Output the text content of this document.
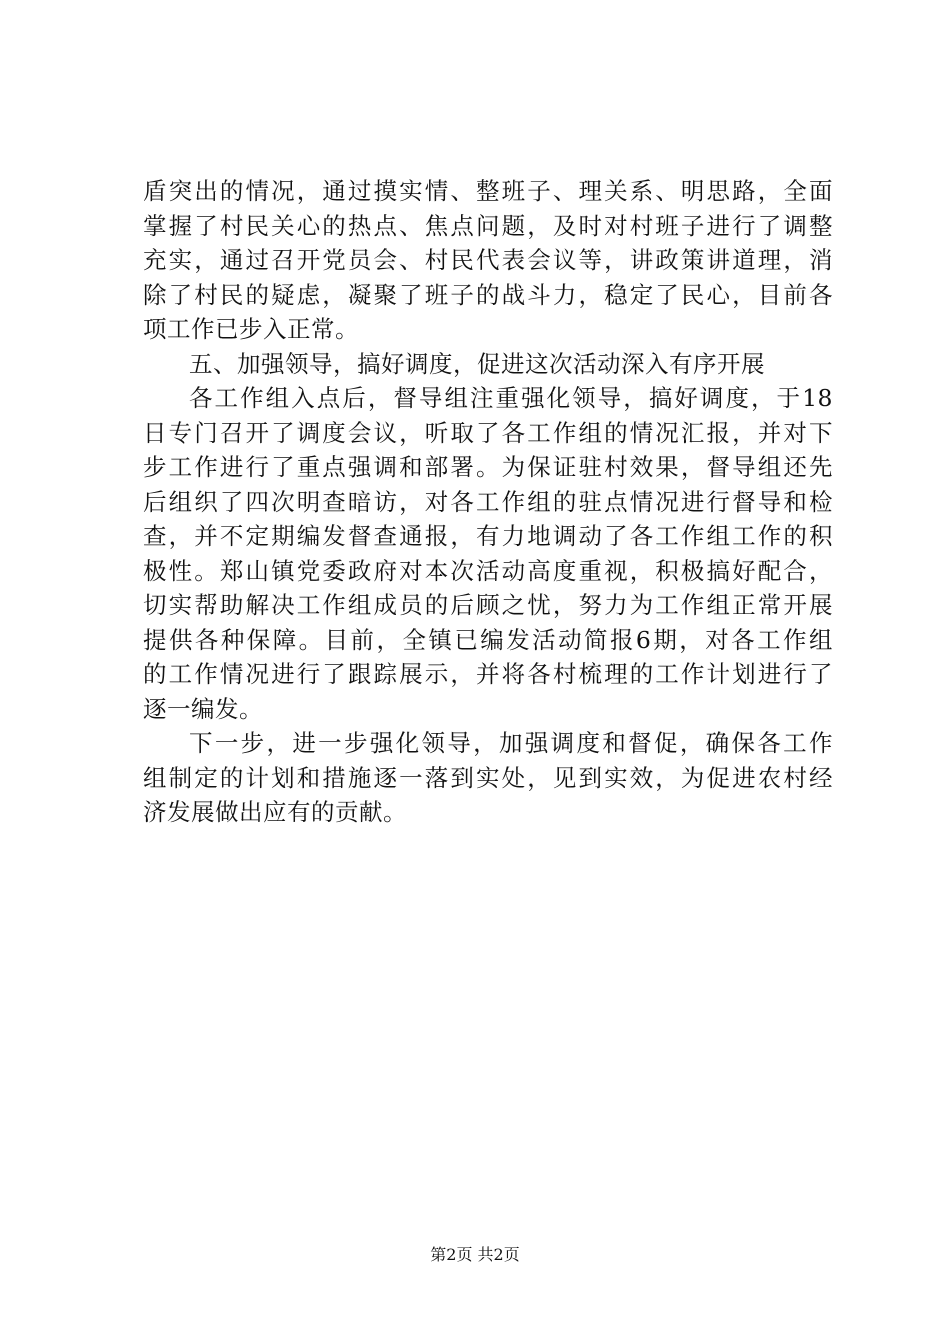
盾突出的情况，通过摸实情、整班子、理关系、明思路，全面
掌握了村民关心的热点、焦点问题，及时对村班子进行了调整
充实，通过召开党员会、村民代表会议等，讲政策讲道理，消
除了村民的疑虑，凝聚了班子的战斗力，稳定了民心，目前各
项工作已步入正常。
五、加强领导，搞好调度，促进这次活动深入有序开展
各工作组入点后，督导组注重强化领导，搞好调度，于18
日专门召开了调度会议，听取了各工作组的情况汇报，并对下
步工作进行了重点强调和部署。为保证驻村效果，督导组还先
后组织了四次明查暗访，对各工作组的驻点情况进行督导和检
查，并不定期编发督查通报，有力地调动了各工作组工作的积
极性。郑山镇党委政府对本次活动高度重视，积极搞好配合，
切实帮助解决工作组成员的后顾之忧，努力为工作组正常开展
提供各种保障。目前，全镇已编发活动简报6期，对各工作组
的工作情况进行了跟踪展示，并将各村梳理的工作计划进行了
逐一编发。
下一步，进一步强化领导，加强调度和督促，确保各工作
组制定的计划和措施逐一落到实处，见到实效，为促进农村经
济发展做出应有的贡献。
第2页 共2页
